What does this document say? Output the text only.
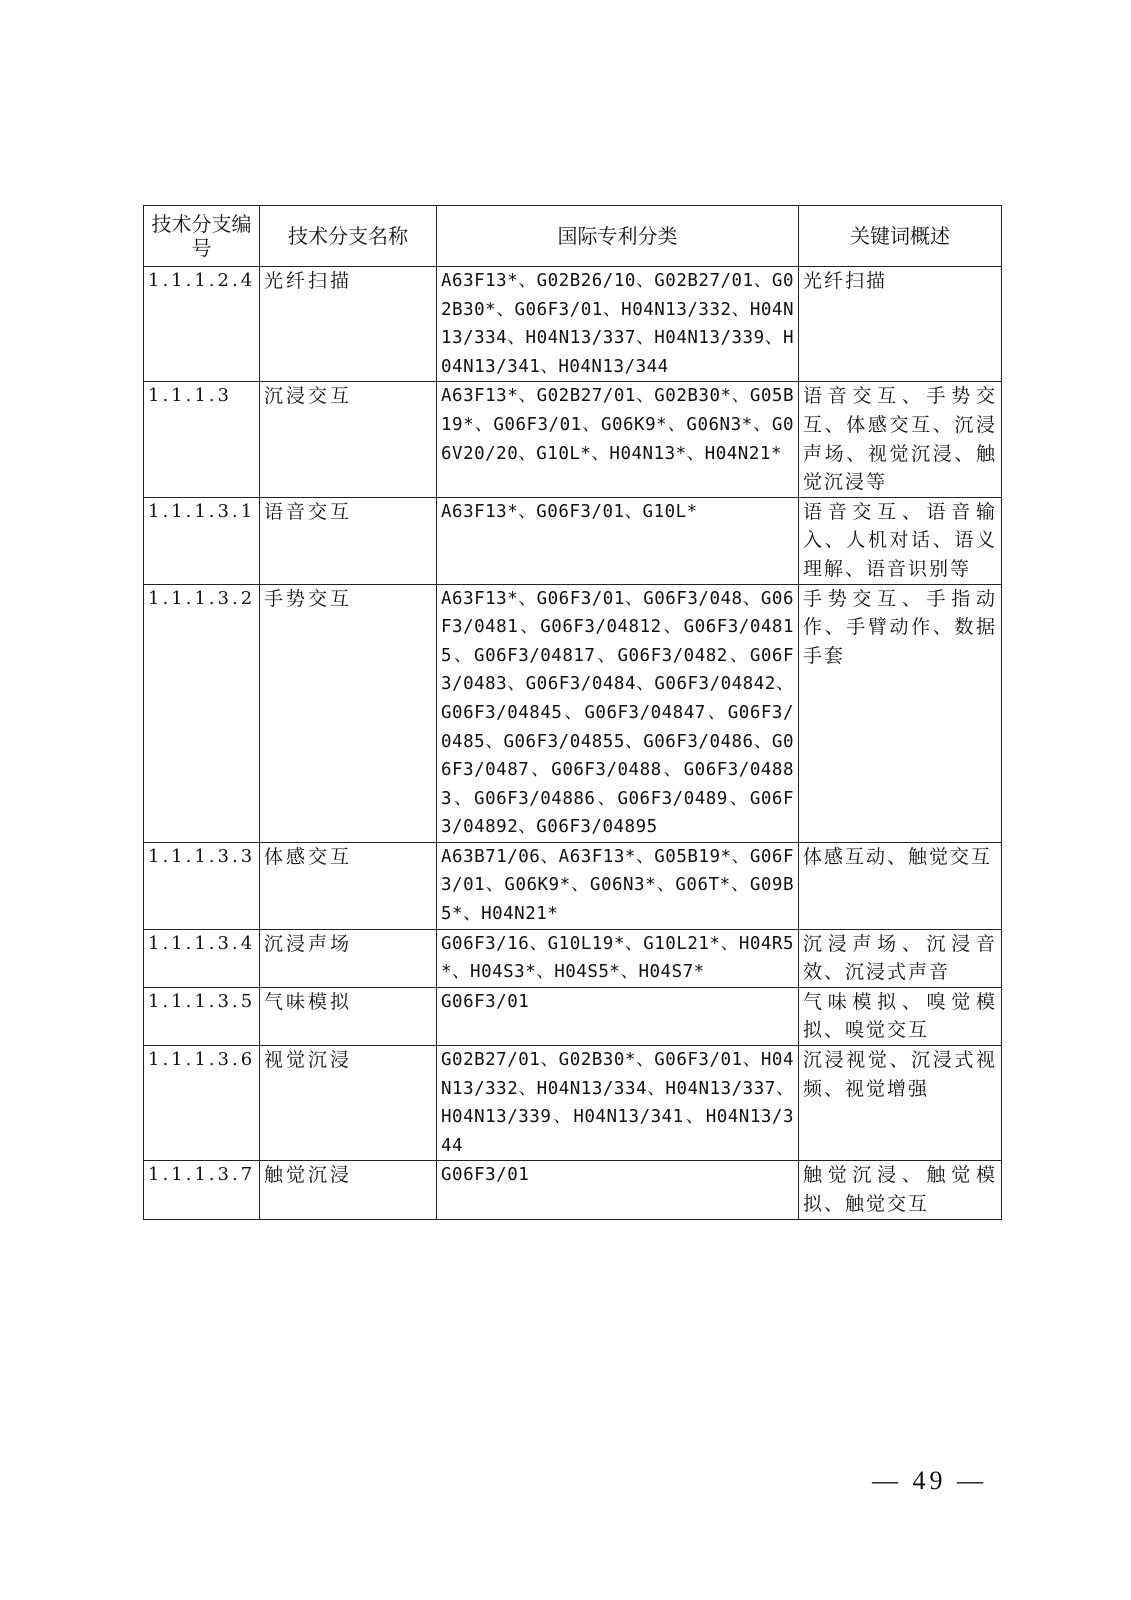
技术分支编号	技术分支名称	国际专利分类	关键词概述
1.1.1.2.4	光纤扫描	A63F13*、G02B26/10、G02B27/01、G02B30*、G06F3/01、H04N13/332、H04N13/334、H04N13/337、H04N13/339、H04N13/341、H04N13/344	光纤扫描
1.1.1.3	沉浸交互	A63F13*、G02B27/01、G02B30*、G05B19*、G06F3/01、G06K9*、G06N3*、G06V20/20、G10L*、H04N13*、H04N21*	语音交互、手势交互、体感交互、沉浸声场、视觉沉浸、触觉沉浸等
1.1.1.3.1	语音交互	A63F13*、G06F3/01、G10L*	语音交互、语音输入、人机对话、语义理解、语音识别等
1.1.1.3.2	手势交互	A63F13*、G06F3/01、G06F3/048、G06F3/0481、G06F3/04812、G06F3/04815、G06F3/04817、G06F3/0482、G06F3/0483、G06F3/0484、G06F3/04842、G06F3/04845、G06F3/04847、G06F3/0485、G06F3/04855、G06F3/0486、G06F3/0487、G06F3/0488、G06F3/04883、G06F3/04886、G06F3/0489、G06F3/04892、G06F3/04895	手势交互、手指动作、手臂动作、数据手套
1.1.1.3.3	体感交互	A63B71/06、A63F13*、G05B19*、G06F3/01、G06K9*、G06N3*、G06T*、G09B5*、H04N21*	体感互动、触觉交互
1.1.1.3.4	沉浸声场	G06F3/16、G10L19*、G10L21*、H04R5*、H04S3*、H04S5*、H04S7*	沉浸声场、沉浸音效、沉浸式声音
1.1.1.3.5	气味模拟	G06F3/01	气味模拟、嗅觉模拟、嗅觉交互
1.1.1.3.6	视觉沉浸	G02B27/01、G02B30*、G06F3/01、H04N13/332、H04N13/334、H04N13/337、H04N13/339、H04N13/341、H04N13/344	沉浸视觉、沉浸式视频、视觉增强
1.1.1.3.7	触觉沉浸	G06F3/01	触觉沉浸、触觉模拟、触觉交互
— 49 —
